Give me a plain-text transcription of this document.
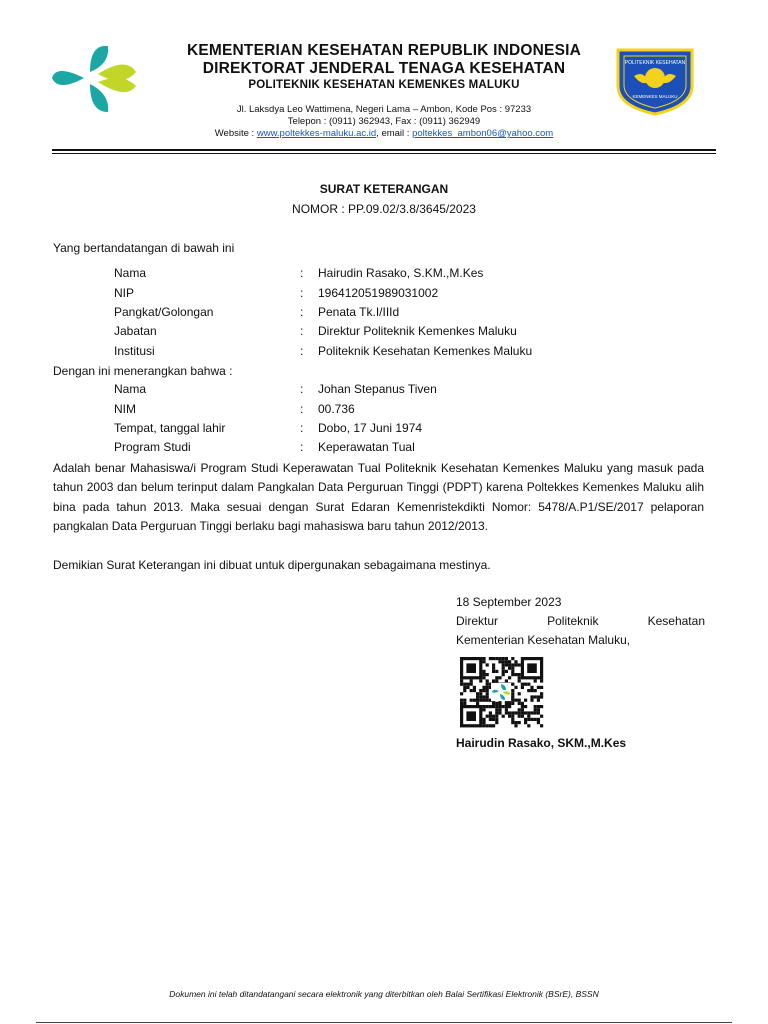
POLITEKNIK KESEHATAN
KEMENKES MALUKU
KEMENTERIAN KESEHATAN REPUBLIK INDONESIA
DIREKTORAT JENDERAL TENAGA KESEHATAN
POLITEKNIK KESEHATAN KEMENKES MALUKU
Jl. Laksdya Leo Wattimena, Negeri Lama – Ambon, Kode Pos : 97233
Telepon : (0911) 362943, Fax : (0911) 362949
Website : www.poltekkes-maluku.ac.id, email : poltekkes_ambon06@yahoo.com
SURAT KETERANGAN
NOMOR : PP.09.02/3.8/3645/2023
Yang bertandatangan di bawah ini
Nama	: Hairudin Rasako, S.KM.,M.Kes
NIP	: 196412051989031002
Pangkat/Golongan	: Penata Tk.I/IIId
Jabatan	: Direktur Politeknik Kemenkes Maluku
Institusi	: Politeknik Kesehatan Kemenkes Maluku
Dengan ini menerangkan bahwa :
Nama	: Johan Stepanus Tiven
NIM	: 00.736
Tempat, tanggal lahir	: Dobo, 17 Juni 1974
Program Studi	: Keperawatan Tual
Adalah benar Mahasiswa/i Program Studi Keperawatan Tual Politeknik Kesehatan Kemenkes Maluku yang masuk pada tahun 2003 dan belum terinput dalam Pangkalan Data Perguruan Tinggi (PDPT) karena Poltekkes Kemenkes Maluku alih bina pada tahun 2013. Maka sesuai dengan Surat Edaran Kemenristekdikti Nomor: 5478/A.P1/SE/2017 pelaporan pangkalan Data Perguruan Tinggi berlaku bagi mahasiswa baru tahun 2012/2013.
Demikian Surat Keterangan ini dibuat untuk dipergunakan sebagaimana mestinya.
18 September 2023
Direktur Politeknik Kesehatan
Kementerian Kesehatan Maluku,
Hairudin Rasako, SKM.,M.Kes
Dokumen ini telah ditandatangani secara elektronik yang diterbitkan oleh Balai Sertifikasi Elektronik (BSrE), BSSN
